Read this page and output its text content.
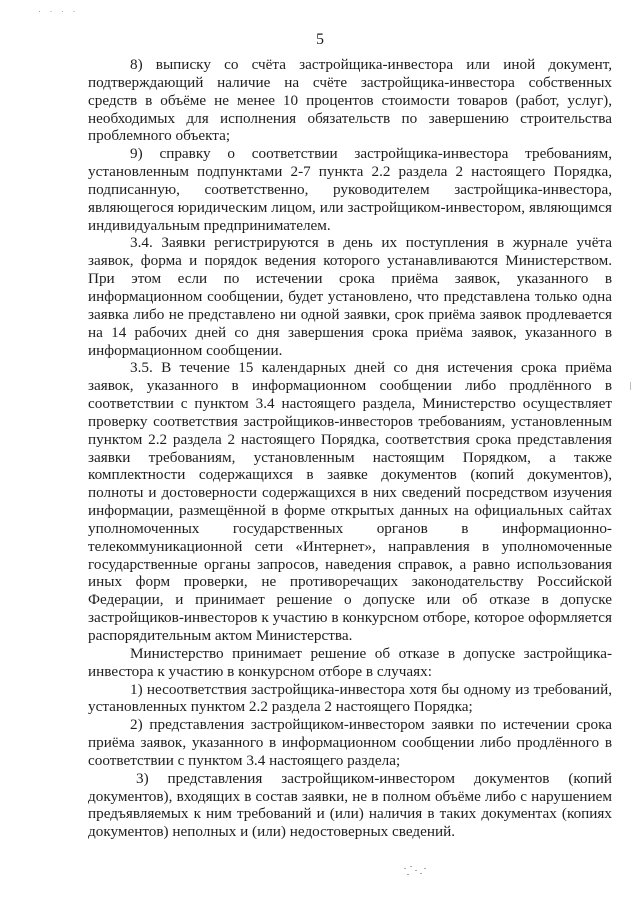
· · · ·
5

8) выписку со счёта застройщика-инвестора или иной документ, подтверждающий наличие на счёте застройщика-инвестора собственных средств в объёме не менее 10 процентов стоимости товаров (работ, услуг), необходимых для исполнения обязательств по завершению строительства проблемного объекта;

9) справку о соответствии застройщика-инвестора требованиям, установленным подпунктами 2-7 пункта 2.2 раздела 2 настоящего Порядка, подписанную, соответственно, руководителем застройщика-инвестора, являющегося юридическим лицом, или застройщиком-инвестором, являющимся индивидуальным предпринимателем.

3.4. Заявки регистрируются в день их поступления в журнале учёта заявок, форма и порядок ведения которого устанавливаются Министерством. При этом если по истечении срока приёма заявок, указанного в информационном сообщении, будет установлено, что представлена только одна заявка либо не представлено ни одной заявки, срок приёма заявок продлевается на 14 рабочих дней со дня завершения срока приёма заявок, указанного в информационном сообщении.

3.5. В течение 15 календарных дней со дня истечения срока приёма заявок, указанного в информационном сообщении либо продлённого в соответствии с пунктом 3.4 настоящего раздела, Министерство осуществляет проверку соответствия застройщиков-инвесторов требованиям, установленным пунктом 2.2 раздела 2 настоящего Порядка, соответствия срока представления заявки требованиям, установленным настоящим Порядком, а также комплектности содержащихся в заявке документов (копий документов), полноты и достоверности содержащихся в них сведений посредством изучения информации, размещённой в форме открытых данных на официальных сайтах уполномоченных государственных органов в информационно-телекоммуникационной сети «Интернет», направления в уполномоченные государственные органы запросов, наведения справок, а равно использования иных форм проверки, не противоречащих законодательству Российской Федерации, и принимает решение о допуске или об отказе в допуске застройщиков-инвесторов к участию в конкурсном отборе, которое оформляется распорядительным актом Министерства.

Министерство принимает решение об отказе в допуске застройщика-инвестора к участию в конкурсном отборе в случаях:

1) несоответствия застройщика-инвестора хотя бы одному из требований, установленных пунктом 2.2 раздела 2 настоящего Порядка;

2) представления застройщиком-инвестором заявки по истечении срока приёма заявок, указанного в информационном сообщении либо продлённого в соответствии с пунктом 3.4 настоящего раздела;

3) представления застройщиком-инвестором документов (копий документов), входящих в состав заявки, не в полном объёме либо с нарушением предъявляемых к ним требований и (или) наличия в таких документах (копиях документов) неполных и (или) недостоверных сведений.
